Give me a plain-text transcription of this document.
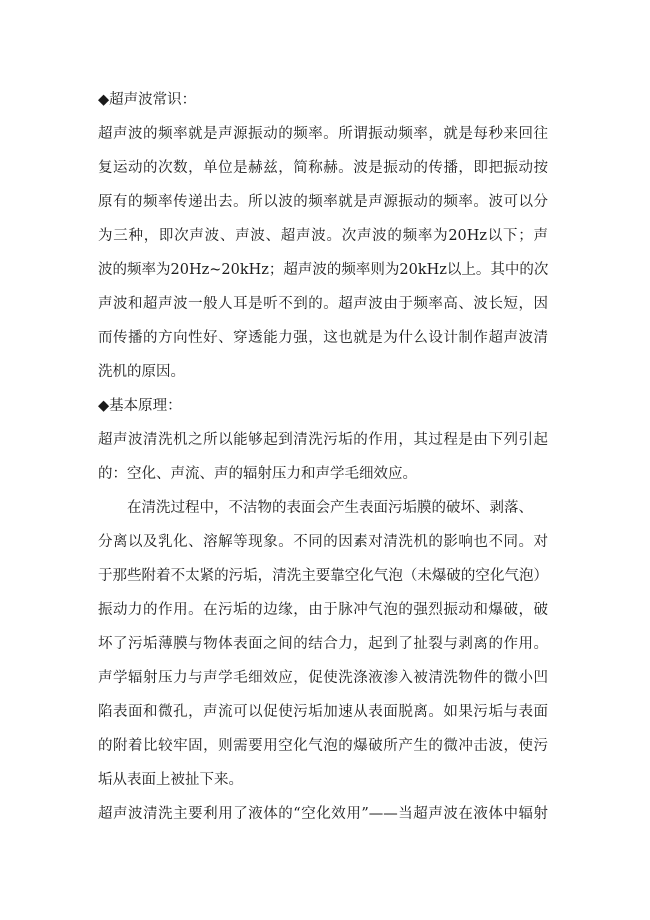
◆超声波常识：
超声波的频率就是声源振动的频率。所谓振动频率，就是每秒来回往
复运动的次数，单位是赫兹，简称赫。波是振动的传播，即把振动按
原有的频率传递出去。所以波的频率就是声源振动的频率。波可以分
为三种，即次声波、声波、超声波。次声波的频率为20Hz以下；声
波的频率为20Hz~20kHz；超声波的频率则为20kHz以上。其中的次
声波和超声波一般人耳是听不到的。超声波由于频率高、波长短，因
而传播的方向性好、穿透能力强，这也就是为什么设计制作超声波清
洗机的原因。
◆基本原理：
超声波清洗机之所以能够起到清洗污垢的作用，其过程是由下列引起
的：空化、声流、声的辐射压力和声学毛细效应。
在清洗过程中，不洁物的表面会产生表面污垢膜的破坏、剥落、
分离以及乳化、溶解等现象。不同的因素对清洗机的影响也不同。对
于那些附着不太紧的污垢，清洗主要靠空化气泡（未爆破的空化气泡）
振动力的作用。在污垢的边缘，由于脉冲气泡的强烈振动和爆破，破
坏了污垢薄膜与物体表面之间的结合力，起到了扯裂与剥离的作用。
声学辐射压力与声学毛细效应，促使洗涤液渗入被清洗物件的微小凹
陷表面和微孔，声流可以促使污垢加速从表面脱离。如果污垢与表面
的附着比较牢固，则需要用空化气泡的爆破所产生的微冲击波，使污
垢从表面上被扯下来。
超声波清洗主要利用了液体的“空化效用”——当超声波在液体中辐射
